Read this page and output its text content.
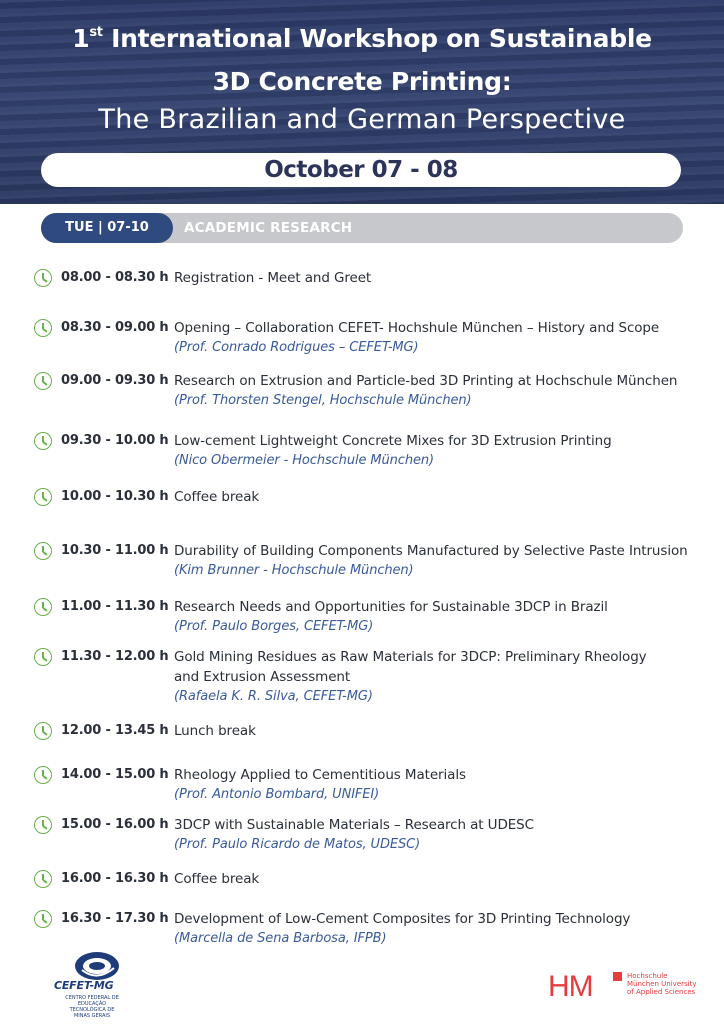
1st International Workshop on Sustainable
3D Concrete Printing:
The Brazilian and German Perspective
October 07 - 08
TUE | 07-10	ACADEMIC RESEARCH
08.00 - 08.30 h Registration - Meet and Greet
08.30 - 09.00 h Opening – Collaboration CEFET- Hochshule München – History and Scope
(Prof. Conrado Rodrigues – CEFET-MG)
09.00 - 09.30 h Research on Extrusion and Particle-bed 3D Printing at Hochschule München
(Prof. Thorsten Stengel, Hochschule München)
09.30 - 10.00 h Low-cement Lightweight Concrete Mixes for 3D Extrusion Printing
(Nico Obermeier - Hochschule München)
10.00 - 10.30 h Coffee break
10.30 - 11.00 h Durability of Building Components Manufactured by Selective Paste Intrusion
(Kim Brunner - Hochschule München)
11.00 - 11.30 h Research Needs and Opportunities for Sustainable 3DCP in Brazil
(Prof. Paulo Borges, CEFET-MG)
11.30 - 12.00 h Gold Mining Residues as Raw Materials for 3DCP: Preliminary Rheology and Extrusion Assessment
(Rafaela K. R. Silva, CEFET-MG)
12.00 - 13.45 h Lunch break
14.00 - 15.00 h Rheology Applied to Cementitious Materials
(Prof. Antonio Bombard, UNIFEI)
15.00 - 16.00 h 3DCP with Sustainable Materials – Research at UDESC
(Prof. Paulo Ricardo de Matos, UDESC)
16.00 - 16.30 h Coffee break
16.30 - 17.30 h Development of Low-Cement Composites for 3D Printing Technology
(Marcella de Sena Barbosa, IFPB)
CEFET-MG
CENTRO FEDERAL DE EDUCAÇÃO TECNOLÓGICA DE MINAS GERAIS
HM	Hochschule München University of Applied Sciences
